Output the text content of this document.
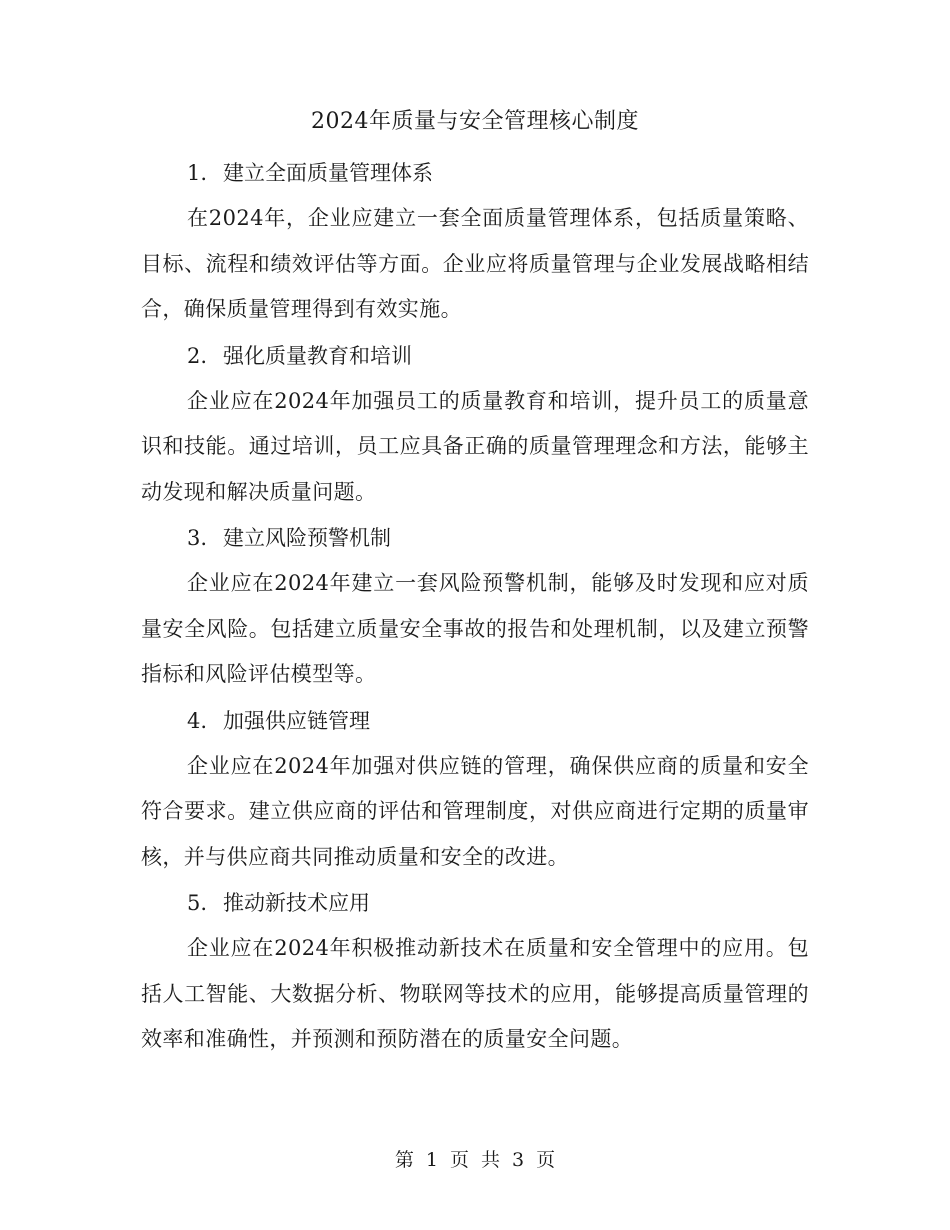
2024年质量与安全管理核心制度

1. 建立全面质量管理体系

在2024年，企业应建立一套全面质量管理体系，包括质量策略、目标、流程和绩效评估等方面。企业应将质量管理与企业发展战略相结合，确保质量管理得到有效实施。

2. 强化质量教育和培训

企业应在2024年加强员工的质量教育和培训，提升员工的质量意识和技能。通过培训，员工应具备正确的质量管理理念和方法，能够主动发现和解决质量问题。

3. 建立风险预警机制

企业应在2024年建立一套风险预警机制，能够及时发现和应对质量安全风险。包括建立质量安全事故的报告和处理机制，以及建立预警指标和风险评估模型等。

4. 加强供应链管理

企业应在2024年加强对供应链的管理，确保供应商的质量和安全符合要求。建立供应商的评估和管理制度，对供应商进行定期的质量审核，并与供应商共同推动质量和安全的改进。

5. 推动新技术应用

企业应在2024年积极推动新技术在质量和安全管理中的应用。包括人工智能、大数据分析、物联网等技术的应用，能够提高质量管理的效率和准确性，并预测和预防潜在的质量安全问题。

第 1 页 共 3 页
